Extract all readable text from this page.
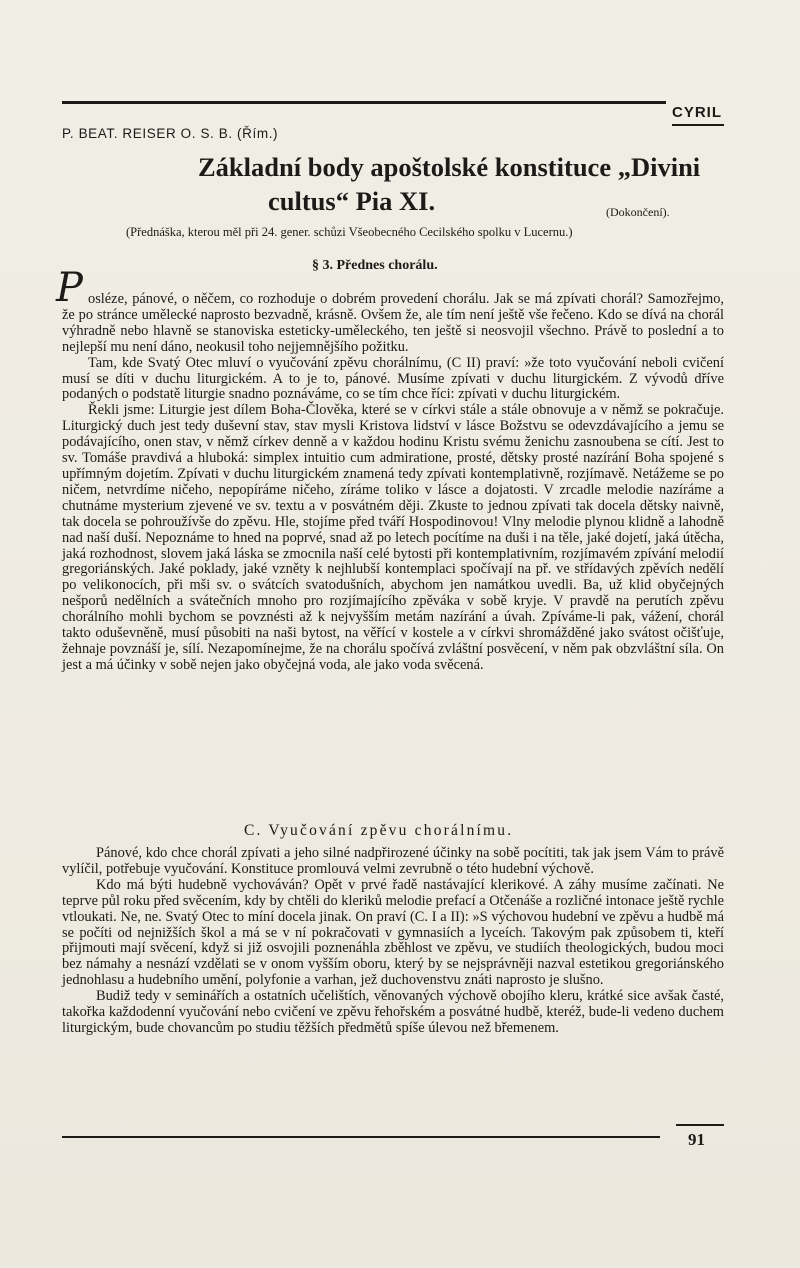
CYRIL
P. BEAT. REISER O. S. B. (Řím.)
Základní body apoštolské konstituce „Divini
cultus“ Pia XI.	(Dokončení).
(Přednáška, kterou měl při 24. gener. schůzi Všeobecného Cecilského spolku v Lucernu.)
§ 3. Přednes chorálu.
P osléze, pánové, o něčem, co rozhoduje o dobrém provedení chorálu. Jak se má zpívati chorál? Samozřejmo, že po stránce umělecké naprosto bezvadně, krásně. Ovšem že, ale tím není ještě vše řečeno. Kdo se dívá na chorál výhradně nebo hlavně se stanoviska esteticky-uměleckého, ten ještě si neosvojil všechno. Právě to poslední a to nejlepší mu není dáno, neokusil toho nejjemnějšího požitku.

Tam, kde Svatý Otec mluví o vyučování zpěvu chorálnímu, (C II) praví: »že toto vyučování neboli cvičení musí se díti v duchu liturgickém. A to je to, pánové. Musíme zpívati v duchu liturgickém. Z vývodů dříve podaných o podstatě liturgie snadno poznáváme, co se tím chce říci: zpívati v duchu liturgickém.

Řekli jsme: Liturgie jest dílem Boha-Člověka, které se v církvi stále a stále obnovuje a v němž se pokračuje. Liturgický duch jest tedy duševní stav, stav mysli Kristova lidství v lásce Božstvu se odevzdávajícího a jemu se podávajícího, onen stav, v němž církev denně a v každou hodinu Kristu svému ženichu zasnoubena se cítí. Jest to sv. Tomáše pravdivá a hluboká: simplex intuitio cum admiratione, prosté, dětsky prosté nazírání Boha spojené s upřímným dojetím. Zpívati v duchu liturgickém znamená tedy zpívati kontemplativně, rozjímavě. Netážeme se po ničem, netvrdíme ničeho, nepopíráme ničeho, zíráme toliko v lásce a dojatosti. V zrcadle melodie nazíráme a chutnáme mysterium zjevené ve sv. textu a v posvátném ději. Zkuste to jednou zpívati tak docela dětsky naivně, tak docela se pohroužívše do zpěvu. Hle, stojíme před tváří Hospodinovou! Vlny melodie plynou klidně a lahodně nad naší duší. Nepoznáme to hned na poprvé, snad až po letech pocítíme na duši i na těle, jaké dojetí, jaká útěcha, jaká rozhodnost, slovem jaká láska se zmocnila naší celé bytosti při kontemplativním, rozjímavém zpívání melodií gregoriánských. Jaké poklady, jaké vzněty k nejhlubší kontemplaci spočívají na př. ve střídavých zpěvích nedělí po velikonocích, při mši sv. o svátcích svatodušních, abychom jen namátkou uvedli. Ba, už klid obyčejných nešporů nedělních a svátečních mnoho pro rozjímajícího zpěváka v sobě kryje. V pravdě na perutích zpěvu chorálního mohli bychom se povznésti až k nejvyšším metám nazírání a úvah. Zpíváme-li pak, vážení, chorál takto oduševněně, musí působiti na naši bytost, na věřící v kostele a v církvi shromážděné jako svátost očišťuje, žehnaje povznáší je, sílí. Nezapomínejme, že na chorálu spočívá zvláštní posvěcení, v něm pak obzvláštní síla. On jest a má účinky v sobě nejen jako obyčejná voda, ale jako voda svěcená.

C. Vyučování zpěvu chorálnímu.

Pánové, kdo chce chorál zpívati a jeho silné nadpřirozené účinky na sobě pocítiti, tak jak jsem Vám to právě vylíčil, potřebuje vyučování. Konstituce promlouvá velmi zevrubně o této hudební výchově.

Kdo má býti hudebně vychováván? Opět v prvé řadě nastávající klerikové. A záhy musíme začínati. Ne teprve půl roku před svěcením, kdy by chtěli do kleriků melodie prefací a Otčenáše a rozličné intonace ještě rychle vtloukati. Ne, ne. Svatý Otec to míní docela jinak. On praví (C. I a II): »S výchovou hudební ve zpěvu a hudbě má se počíti od nejnižších škol a má se v ní pokračovati v gymnasiích a lyceích. Takovým pak způsobem ti, kteří přijmouti mají svěcení, když si již osvojili poznenáhla zběhlost ve zpěvu, ve studiích theologických, budou moci bez námahy a nesnází vzdělati se v onom vyšším oboru, který by se nejsprávněji nazval estetikou gregoriánského jednohlasu a hudebního umění, polyfonie a varhan, jež duchovenstvu znáti naprosto je slušno.

Budiž tedy v seminářích a ostatních učelištích, věnovaných výchově obojího kleru, krátké sice avšak časté, takořka každodenní vyučování nebo cvičení ve zpěvu řehořském a posvátné hudbě, kteréž, bude-li vedeno duchem liturgickým, bude chovancům po studiu těžších předmětů spíše úlevou než břemenem.

91
